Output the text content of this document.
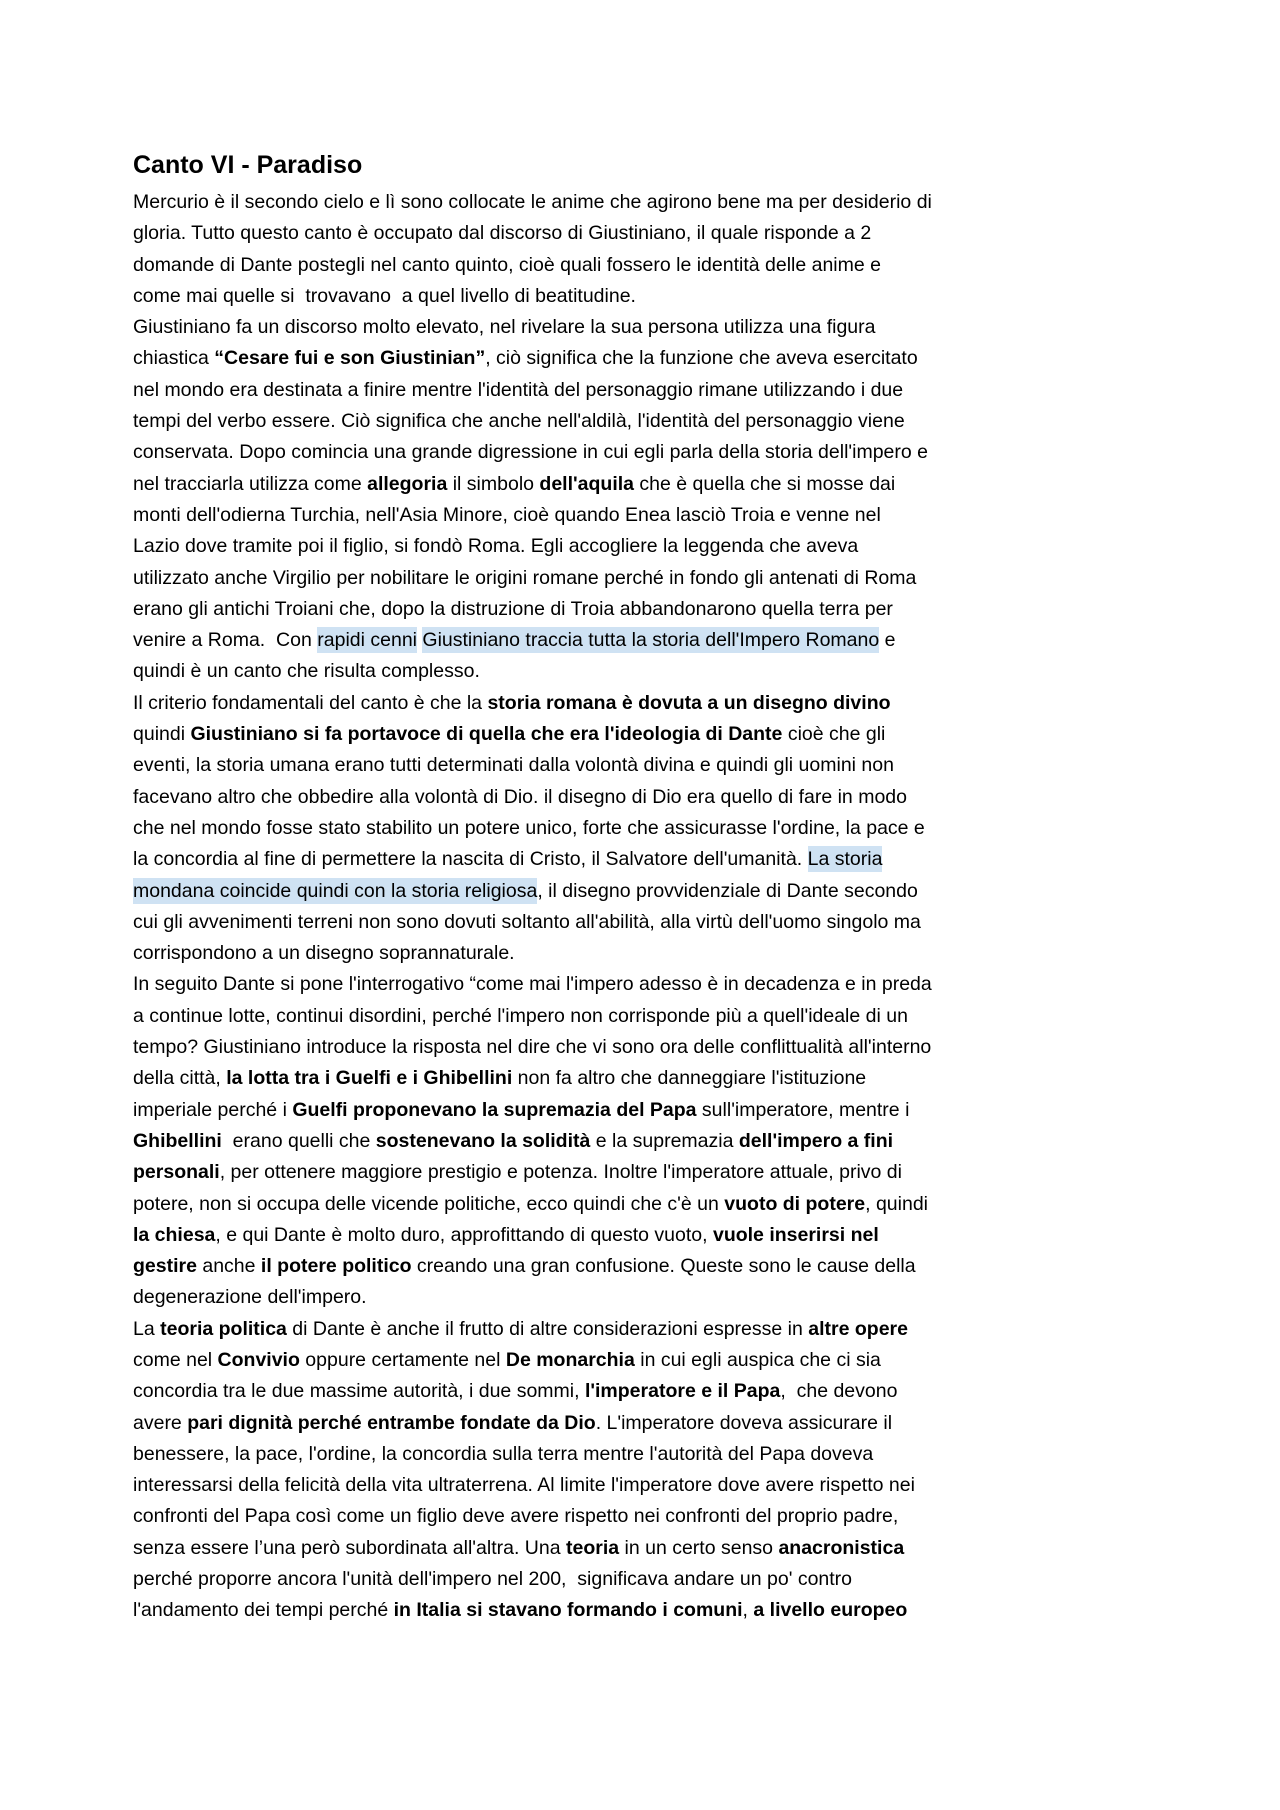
Canto VI - Paradiso
Mercurio è il secondo cielo e lì sono collocate le anime che agirono bene ma per desiderio di
gloria. Tutto questo canto è occupato dal discorso di Giustiniano, il quale risponde a 2
domande di Dante postegli nel canto quinto, cioè quali fossero le identità delle anime e
come mai quelle si  trovavano  a quel livello di beatitudine.
Giustiniano fa un discorso molto elevato, nel rivelare la sua persona utilizza una figura
chiastica “Cesare fui e son Giustinian”, ciò significa che la funzione che aveva esercitato
nel mondo era destinata a finire mentre l'identità del personaggio rimane utilizzando i due
tempi del verbo essere. Ciò significa che anche nell'aldilà, l'identità del personaggio viene
conservata. Dopo comincia una grande digressione in cui egli parla della storia dell'impero e
nel tracciarla utilizza come allegoria il simbolo dell'aquila che è quella che si mosse dai
monti dell'odierna Turchia, nell'Asia Minore, cioè quando Enea lasciò Troia e venne nel
Lazio dove tramite poi il figlio, si fondò Roma. Egli accogliere la leggenda che aveva
utilizzato anche Virgilio per nobilitare le origini romane perché in fondo gli antenati di Roma
erano gli antichi Troiani che, dopo la distruzione di Troia abbandonarono quella terra per
venire a Roma.  Con rapidi cenni Giustiniano traccia tutta la storia dell'Impero Romano e
quindi è un canto che risulta complesso.
Il criterio fondamentali del canto è che la storia romana è dovuta a un disegno divino
quindi Giustiniano si fa portavoce di quella che era l'ideologia di Dante cioè che gli
eventi, la storia umana erano tutti determinati dalla volontà divina e quindi gli uomini non
facevano altro che obbedire alla volontà di Dio. il disegno di Dio era quello di fare in modo
che nel mondo fosse stato stabilito un potere unico, forte che assicurasse l'ordine, la pace e
la concordia al fine di permettere la nascita di Cristo, il Salvatore dell'umanità. La storia
mondana coincide quindi con la storia religiosa, il disegno provvidenziale di Dante secondo
cui gli avvenimenti terreni non sono dovuti soltanto all'abilità, alla virtù dell'uomo singolo ma
corrispondono a un disegno soprannaturale.
In seguito Dante si pone l'interrogativo “come mai l'impero adesso è in decadenza e in preda
a continue lotte, continui disordini, perché l'impero non corrisponde più a quell'ideale di un
tempo? Giustiniano introduce la risposta nel dire che vi sono ora delle conflittualità all'interno
della città, la lotta tra i Guelfi e i Ghibellini non fa altro che danneggiare l'istituzione
imperiale perché i Guelfi proponevano la supremazia del Papa sull'imperatore, mentre i
Ghibellini  erano quelli che sostenevano la solidità e la supremazia dell'impero a fini
personali, per ottenere maggiore prestigio e potenza. Inoltre l'imperatore attuale, privo di
potere, non si occupa delle vicende politiche, ecco quindi che c'è un vuoto di potere, quindi
la chiesa, e qui Dante è molto duro, approfittando di questo vuoto, vuole inserirsi nel
gestire anche il potere politico creando una gran confusione. Queste sono le cause della
degenerazione dell'impero.
La teoria politica di Dante è anche il frutto di altre considerazioni espresse in altre opere
come nel Convivio oppure certamente nel De monarchia in cui egli auspica che ci sia
concordia tra le due massime autorità, i due sommi, l'imperatore e il Papa,  che devono
avere pari dignità perché entrambe fondate da Dio. L'imperatore doveva assicurare il
benessere, la pace, l'ordine, la concordia sulla terra mentre l'autorità del Papa doveva
interessarsi della felicità della vita ultraterrena. Al limite l'imperatore dove avere rispetto nei
confronti del Papa così come un figlio deve avere rispetto nei confronti del proprio padre,
senza essere l’una però subordinata all'altra. Una teoria in un certo senso anacronistica
perché proporre ancora l'unità dell'impero nel 200,  significava andare un po' contro
l'andamento dei tempi perché in Italia si stavano formando i comuni, a livello europeo
